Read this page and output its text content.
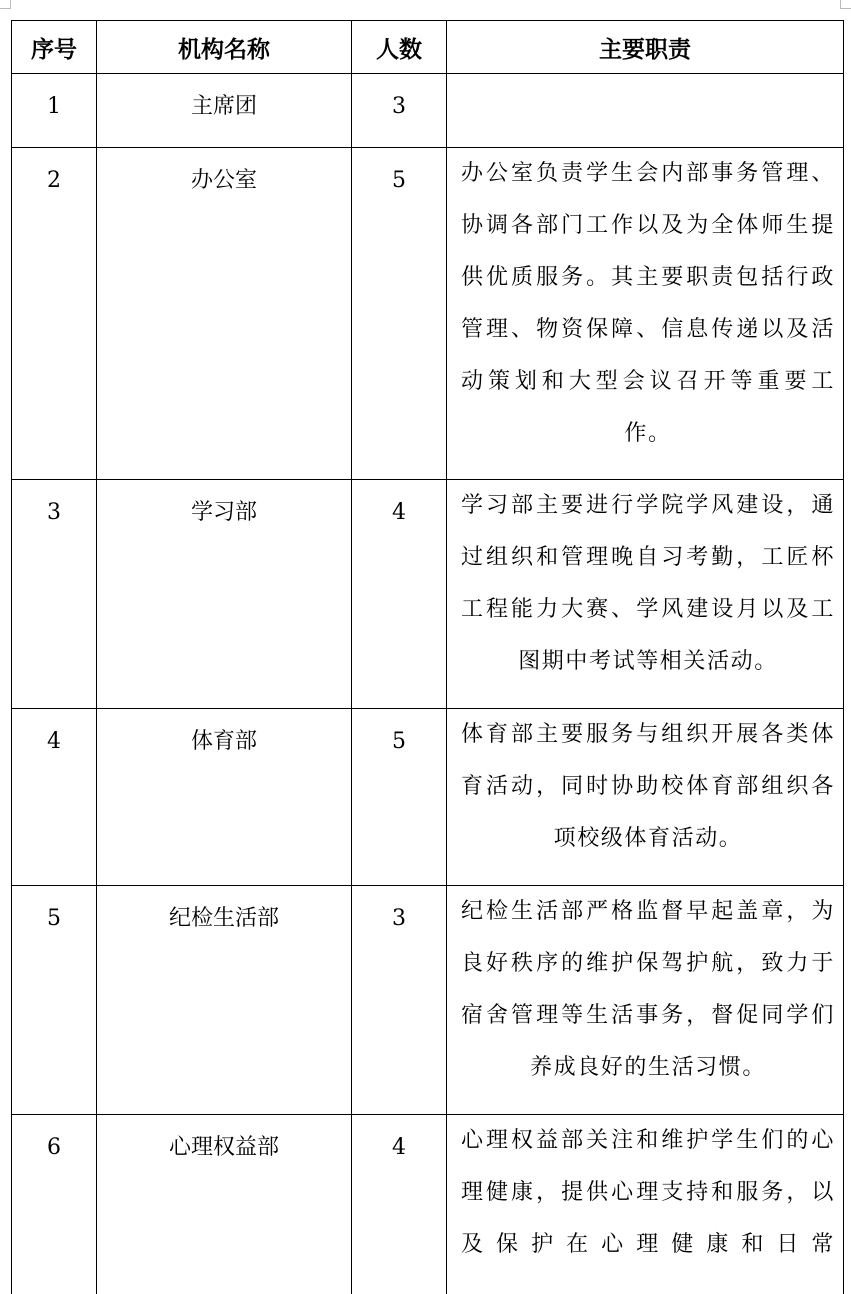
序号	机构名称	人数	主要职责
1	主席团	3	
2	办公室	5	办公室负责学生会内部事务管理、协调各部门工作以及为全体师生提供优质服务。其主要职责包括行政管理、物资保障、信息传递以及活动策划和大型会议召开等重要工作。
3	学习部	4	学习部主要进行学院学风建设，通过组织和管理晚自习考勤，工匠杯工程能力大赛、学风建设月以及工图期中考试等相关活动。
4	体育部	5	体育部主要服务与组织开展各类体育活动，同时协助校体育部组织各项校级体育活动。
5	纪检生活部	3	纪检生活部严格监督早起盖章，为良好秩序的维护保驾护航，致力于宿舍管理等生活事务，督促同学们养成良好的生活习惯。
6	心理权益部	4	心理权益部关注和维护学生们的心理健康，提供心理支持和服务，以及保护在心理健康和日常
